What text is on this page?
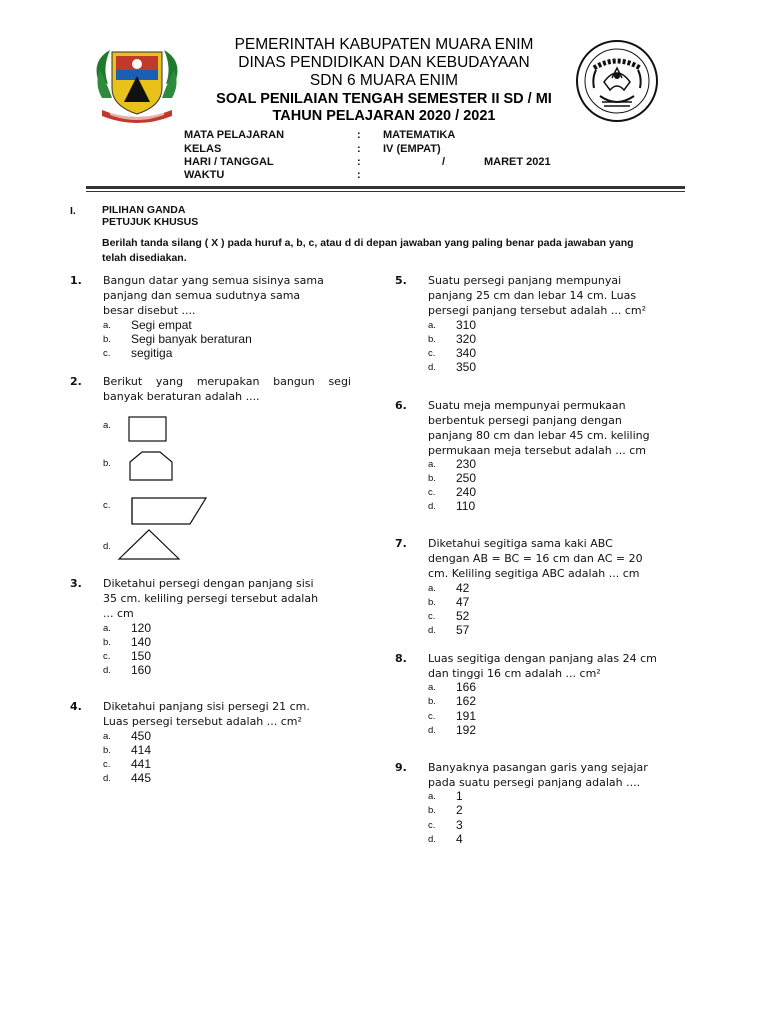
PEMERINTAH KABUPATEN MUARA ENIM
DINAS PENDIDIKAN DAN KEBUDAYAAN
SDN 6 MUARA ENIM
SOAL PENILAIAN TENGAH SEMESTER II SD / MI
TAHUN PELAJARAN 2020 / 2021
MATA PELAJARAN	: MATEMATIKA
KELAS	: IV (EMPAT)
HARI / TANGGAL	:	/	MARET 2021
WAKTU	:
I. PILIHAN GANDA
PETUJUK KHUSUS
Berilah tanda silang ( X ) pada huruf a, b, c, atau d di depan jawaban yang paling benar pada jawaban yang
telah disediakan.
1. Bangun datar yang semua sisinya sama
panjang dan semua sudutnya sama
besar disebut ....
a. Segi empat
b. Segi banyak beraturan
c. segitiga
2. Berikut yang merupakan bangun segi
banyak beraturan adalah ....
a.
b.
c.
d.
3. Diketahui persegi dengan panjang sisi
35 cm. keliling persegi tersebut adalah
... cm
a. 120
b. 140
c. 150
d. 160
4. Diketahui panjang sisi persegi 21 cm.
Luas persegi tersebut adalah ... cm²
a. 450
b. 414
c. 441
d. 445
5. Suatu persegi panjang mempunyai
panjang 25 cm dan lebar 14 cm. Luas
persegi panjang tersebut adalah ... cm²
a. 310
b. 320
c. 340
d. 350
6. Suatu meja mempunyai permukaan
berbentuk persegi panjang dengan
panjang 80 cm dan lebar 45 cm. keliling
permukaan meja tersebut adalah ... cm
a. 230
b. 250
c. 240
d. 110
7. Diketahui segitiga sama kaki ABC
dengan AB = BC = 16 cm dan AC = 20
cm. Keliling segitiga ABC adalah ... cm
a. 42
b. 47
c. 52
d. 57
8. Luas segitiga dengan panjang alas 24 cm
dan tinggi 16 cm adalah ... cm²
a. 166
b. 162
c. 191
d. 192
9. Banyaknya pasangan garis yang sejajar
pada suatu persegi panjang adalah ....
a. 1
b. 2
c. 3
d. 4
